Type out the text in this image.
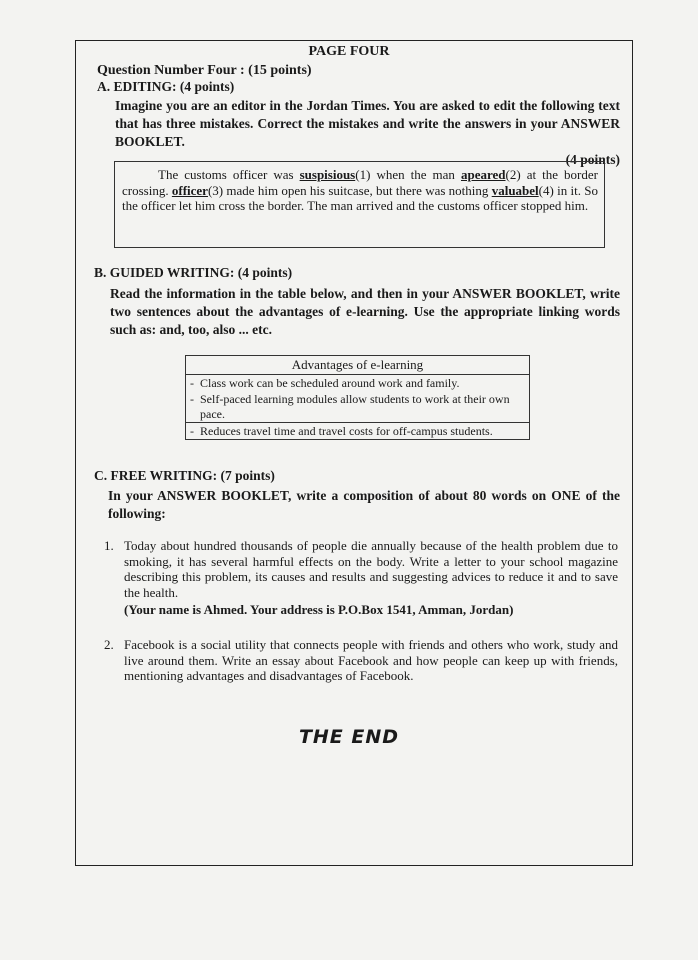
PAGE FOUR
Question Number Four : (15 points)
A. EDITING: (4 points)
Imagine you are an editor in the Jordan Times. You are asked to edit the following text that has three mistakes. Correct the mistakes and write the answers in your ANSWER BOOKLET.
(4 points)
The customs officer was suspisious(1) when the man apeared(2) at the border crossing. officer(3) made him open his suitcase, but there was nothing valuabel(4) in it. So the officer let him cross the border. The man arrived and the customs officer stopped him.
B. GUIDED WRITING: (4 points)
Read the information in the table below, and then in your ANSWER BOOKLET, write two sentences about the advantages of e-learning. Use the appropriate linking words such as: and, too, also ... etc.
Advantages of e-learning
- Class work can be scheduled around work and family.
- Self-paced learning modules allow students to work at their own pace.
- Reduces travel time and travel costs for off-campus students.
C. FREE WRITING: (7 points)
In your ANSWER BOOKLET, write a composition of about 80 words on ONE of the following:
1. Today about hundred thousands of people die annually because of the health problem due to smoking, it has several harmful effects on the body. Write a letter to your school magazine describing this problem, its causes and results and suggesting advices to reduce it and to save the health.
(Your name is Ahmed. Your address is P.O.Box 1541, Amman, Jordan)
2. Facebook is a social utility that connects people with friends and others who work, study and live around them. Write an essay about Facebook and how people can keep up with friends, mentioning advantages and disadvantages of Facebook.
THE END
